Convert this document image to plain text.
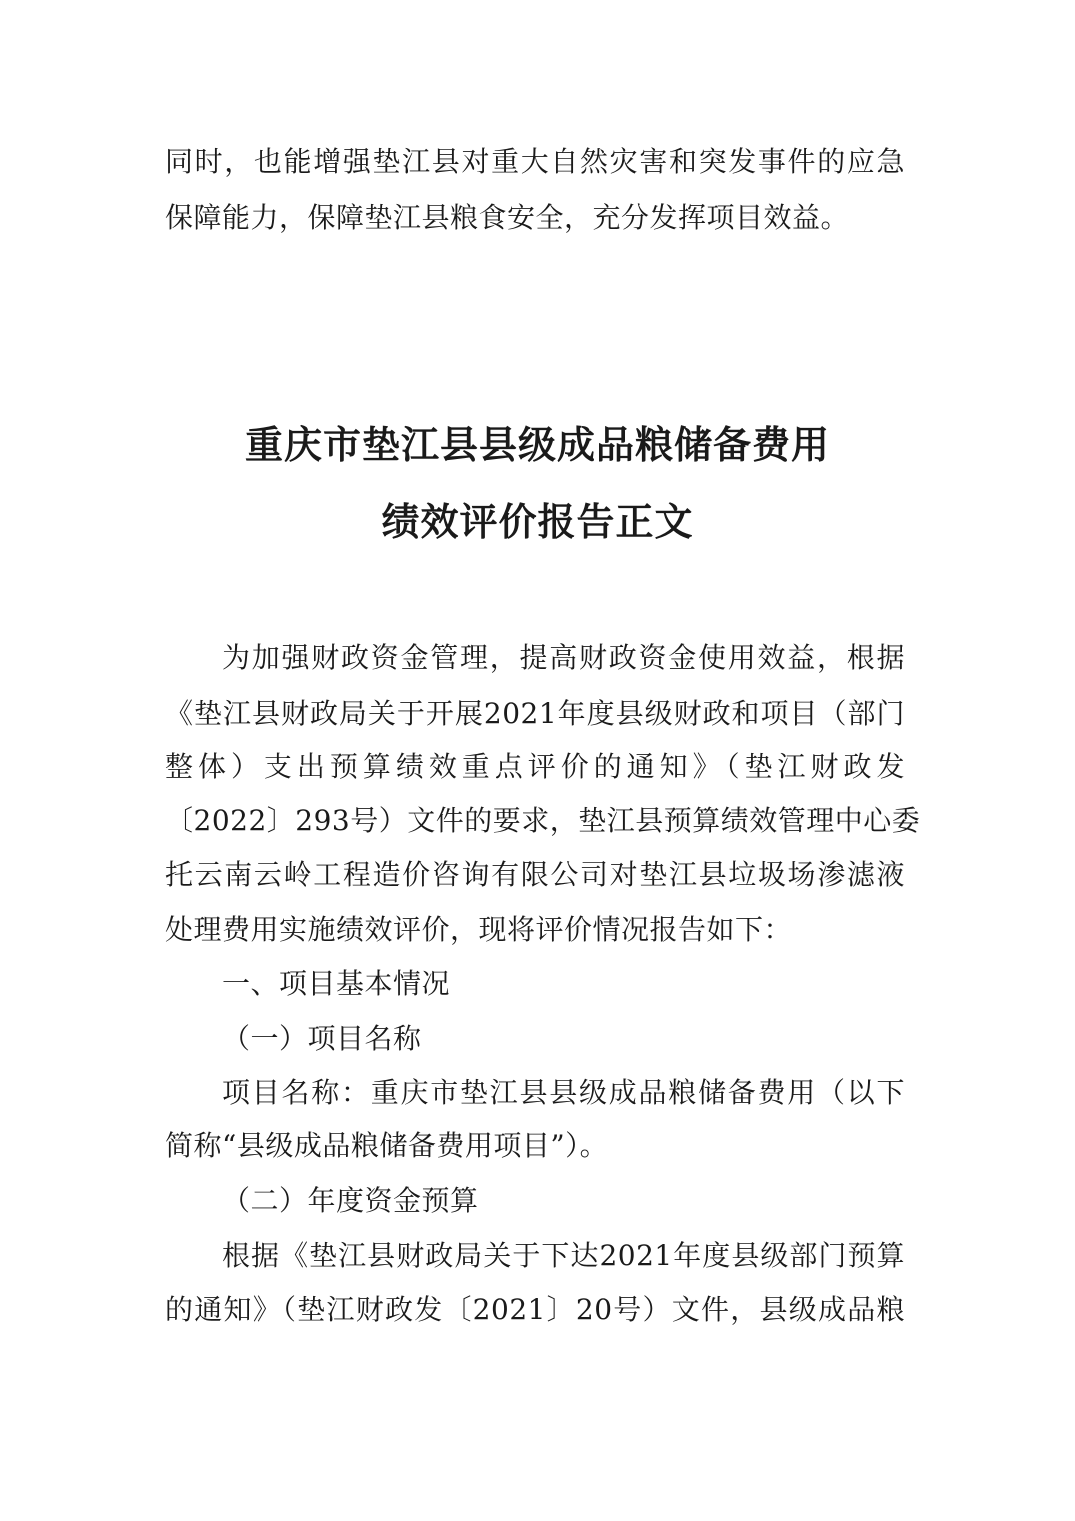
同时，也能增强垫江县对重大自然灾害和突发事件的应急
保障能力，保障垫江县粮食安全，充分发挥项目效益。
重庆市垫江县县级成品粮储备费用
绩效评价报告正文
为加强财政资金管理，提高财政资金使用效益，根据
《垫江县财政局关于开展2021年度县级财政和项目（部门
整体）支出预算绩效重点评价的通知》（垫江财政发
〔2022〕293号）文件的要求，垫江县预算绩效管理中心委
托云南云岭工程造价咨询有限公司对垫江县垃圾场渗滤液
处理费用实施绩效评价，现将评价情况报告如下：
一、项目基本情况
（一）项目名称
项目名称：重庆市垫江县县级成品粮储备费用（以下
简称“县级成品粮储备费用项目”）。
（二）年度资金预算
根据《垫江县财政局关于下达2021年度县级部门预算
的通知》（垫江财政发〔2021〕20号）文件，县级成品粮
